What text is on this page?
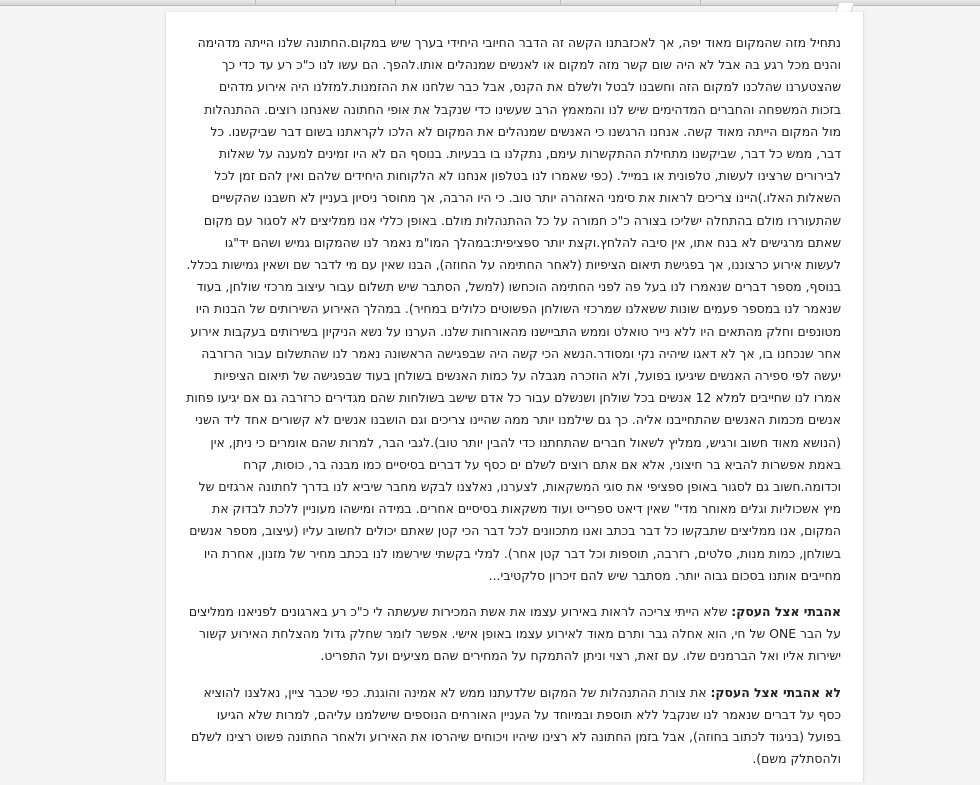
נתחיל מזה שהמקום מאוד יפה, אך לאכזבתנו הקשה זה הדבר החיובי היחידי בערך שיש במקום.החתונה שלנו הייתה מדהימה והנים מכל רגע בה אבל לא היה שום קשר מזה למקום או לאנשים שמנהלים אותו.להפך. הם עשו לנו כ"כ רע עד כדי כך שהצטערנו שהלכנו למקום הזה וחשבנו לבטל ולשלם את הקנס, אבל כבר שלחנו את ההזמנות.למזלנו היה אירוע מדהים בזכות המשפחה והחברים המדהימים שיש לנו והמאמץ הרב שעשינו כדי שנקבל את אופי החתונה שאנחנו רוצים. ההתנהלות מול המקום הייתה מאוד קשה. אנחנו הרגשנו כי האנשים שמנהלים את המקום לא הלכו לקראתנו בשום דבר שביקשנו. כל דבר, ממש כל דבר, שביקשנו מתחילת ההתקשרות עימם, נתקלנו בו בבעיות. בנוסף הם לא היו זמינים למענה על שאלות לבירורים שרצינו לעשות, טלפונית או במייל. (כפי שאמרו לנו בטלפון אנחנו לא הלקוחות היחידים שלהם ואין להם זמן לכל השאלות האלו.)היינו צריכים לראות את סימני האזהרה יותר טוב. כי היו הרבה, אך מחוסר ניסיון בעניין לא חשבנו שהקשיים שהתעוררו מולם בהתחלה ישליכו בצורה כ"כ חמורה על כל ההתנהלות מולם. באופן כללי אנו ממליצים לא לסגור עם מקום שאתם מרגישים לא בנח אתו, אין סיבה להלחץ.וקצת יותר ספציפית:במהלך המו"מ נאמר לנו שהמקום גמיש ושהם יד"גו לעשות אירוע כרצוננו, אך בפגישת תיאום הציפיות (לאחר החתימה על החוזה), הבנו שאין עם מי לדבר שם ושאין גמישות בכלל. בנוסף, מספר דברים שנאמרו לנו בעל פה לפני החתימה הוכחשו (למשל, הסתבר שיש תשלום עבור עיצוב מרכזי שולחן, בעוד שנאמר לנו במספר פעמים שונות ששאלנו שמרכזי השולחן הפשוטים כלולים במחיר). במהלך האירוע השירותים של הבנות היו מטונפים וחלק מהתאים היו ללא נייר טואלט וממש התביישנו מהאורחות שלנו. הערנו על נשא הניקיון בשירותים בעקבות אירוע אחר שנכחנו בו, אך לא דאגו שיהיה נקי ומסודר.הנשא הכי קשה היה שבפגישה הראשונה נאמר לנו שהתשלום עבור הרזרבה יעשה לפי ספירה האנשים שיגיעו בפועל, ולא הוזכרה מגבלה על כמות האנשים בשולחן בעוד שבפגישה של תיאום הציפיות אמרו לנו שחייבים למלא 12 אנשים בכל שולחן ושנשלם עבור כל אדם שישב בשולחות שהם מגדירים כרזרבה גם אם יגיעו פחות אנשים מכמות האנשים שהתחייבנו אליה. כך גם שילמנו יותר ממה שהיינו צריכים וגם הושבנו אנשים לא קשורים אחד ליד השני (הנושא מאוד חשוב ורגיש, ממליץ לשאול חברים שהתחתנו כדי להבין יותר טוב).לגבי הבר, למרות שהם אומרים כי ניתן, אין באמת אפשרות להביא בר חיצוני, אלא אם אתם רוצים לשלם ים כסף על דברים בסיסיים כמו מבנה בר, כוסות, קרח וכדומה.חשוב גם לסגור באופן ספציפי את סוגי המשקאות, לצערנו, נאלצנו לבקש מחבר שיביא לנו בדרך לחתונה ארגזים של מיץ אשכוליות וגלים מאוחר מדי" שאין דיאט ספרייט ועוד משקאות בסיסיים אחרים. במידה ומישהו מעוניין ללכת לבדוק את המקום, אנו ממליצים שתבקשו כל דבר בכתב ואנו מתכוונים לכל דבר הכי קטן שאתם יכולים לחשוב עליו (עיצוב, מספר אנשים בשולחן, כמות מנות, סלטים, רזרבה, תוספות וכל דבר קטן אחר). למלי בקשתי שירשמו לנו בכתב מחיר של מזנון, אחרת היו מחייבים אותנו בסכום גבוה יותר. מסתבר שיש להם זיכרון סלקטיבי...

אהבתי אצל העסק: שלא הייתי צריכה לראות באירוע עצמו את אשת המכירות שעשתה לי כ"כ רע בארגונים לפניאנו ממליצים על הבר ONE של חי, הוא אחלה גבר ותרם מאוד לאירוע עצמו באופן אישי. אפשר לומר שחלק גדול מהצלחת האירוע קשור ישירות אליו ואל הברמנים שלו. עם זאת, רצוי וניתן להתמקח על המחירים שהם מציעים ועל התפריט.

לא אהבתי אצל העסק: את צורת ההתנהלות של המקום שלדעתנו ממש לא אמינה והוגנת. כפי שכבר ציין, נאלצנו להוציא כסף על דברים שנאמר לנו שנקבל ללא תוספת ובמיוחד על העניין האורחים הנוספים שישלמנו עליהם, למרות שלא הגיעו בפועל (בניגוד לכתוב בחוזה), אבל בזמן החתונה לא רצינו שיהיו ויכוחים שיהרסו את האירוע ולאחר החתונה פשוט רצינו לשלם ולהסתלק משם).
